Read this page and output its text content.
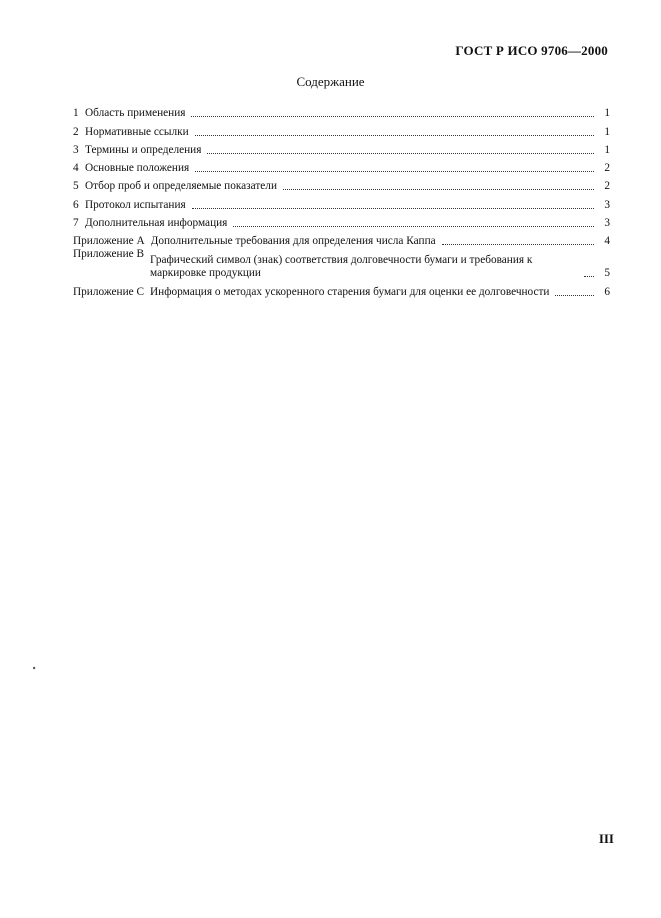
ГОСТ Р ИСО 9706—2000
Содержание
1 Область применения	1
2 Нормативные ссылки	1
3 Термины и определения	1
4 Основные положения	2
5 Отбор проб и определяемые показатели	2
6 Протокол испытания	3
7 Дополнительная информация	3
Приложение А Дополнительные требования для определения числа Каппа	4
Приложение В Графический символ (знак) соответствия долговечности бумаги и требования к маркировке продукции	5
Приложение С Информация о методах ускоренного старения бумаги для оценки ее долговечности	6
III
